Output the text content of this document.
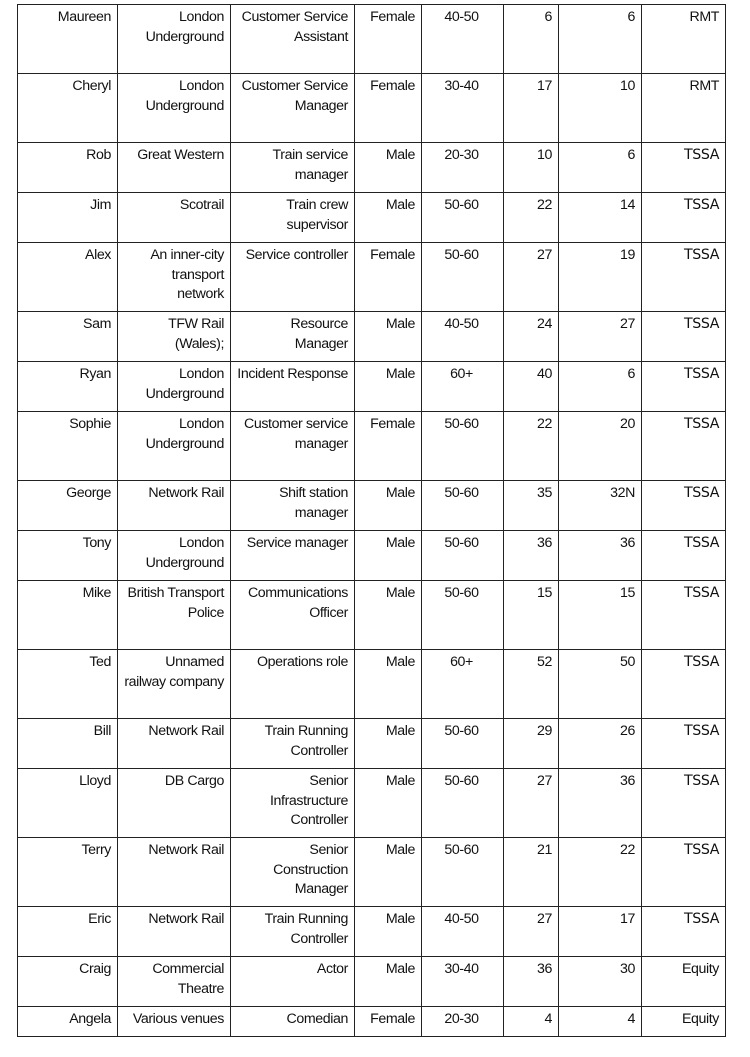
Maureen	London Underground	Customer Service Assistant	Female	40-50	6	6	RMT
Cheryl	London Underground	Customer Service Manager	Female	30-40	17	10	RMT
Rob	Great Western	Train service manager	Male	20-30	10	6	TSSA
Jim	Scotrail	Train crew supervisor	Male	50-60	22	14	TSSA
Alex	An inner-city transport network	Service controller	Female	50-60	27	19	TSSA
Sam	TFW Rail (Wales);	Resource Manager	Male	40-50	24	27	TSSA
Ryan	London Underground	Incident Response	Male	60+	40	6	TSSA
Sophie	London Underground	Customer service manager	Female	50-60	22	20	TSSA
George	Network Rail	Shift station manager	Male	50-60	35	32N	TSSA
Tony	London Underground	Service manager	Male	50-60	36	36	TSSA
Mike	British Transport Police	Communications Officer	Male	50-60	15	15	TSSA
Ted	Unnamed railway company	Operations role	Male	60+	52	50	TSSA
Bill	Network Rail	Train Running Controller	Male	50-60	29	26	TSSA
Lloyd	DB Cargo	Senior Infrastructure Controller	Male	50-60	27	36	TSSA
Terry	Network Rail	Senior Construction Manager	Male	50-60	21	22	TSSA
Eric	Network Rail	Train Running Controller	Male	40-50	27	17	TSSA
Craig	Commercial Theatre	Actor	Male	30-40	36	30	Equity
Angela	Various venues	Comedian	Female	20-30	4	4	Equity
